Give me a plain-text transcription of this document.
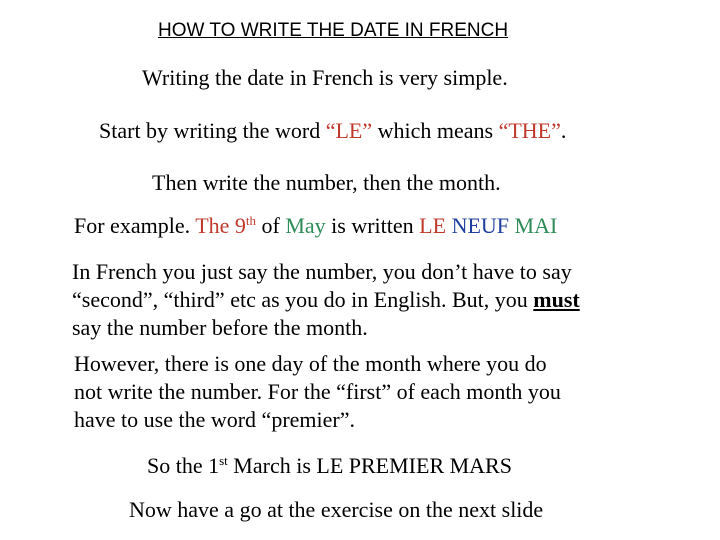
HOW TO WRITE THE DATE IN FRENCH
Writing the date in French is very simple.
Start by writing the word “LE” which means “THE”.
Then write the number, then the month.
For example. The 9th of May is written LE NEUF MAI
In French you just say the number, you don’t have to say
“second”, “third” etc as you do in English. But, you must
say the number before the month.
However, there is one day of the month where you do
not write the number. For the “first” of each month you
have to use the word “premier”.
So the 1st March is LE PREMIER MARS
Now have a go at the exercise on the next slide
